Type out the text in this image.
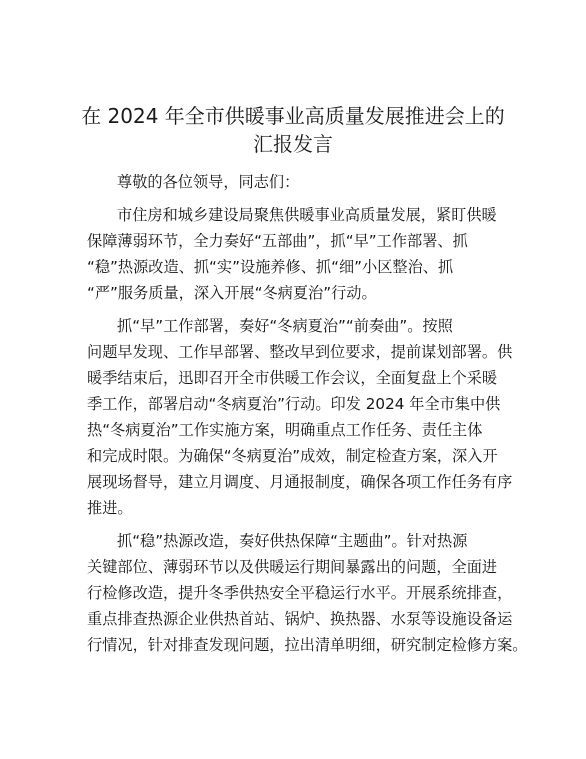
在 2024 年全市供暖事业高质量发展推进会上的
汇报发言
尊敬的各位领导，同志们：
市住房和城乡建设局聚焦供暖事业高质量发展，紧盯供暖
保障薄弱环节，全力奏好“五部曲”，抓“早”工作部署、抓
“稳”热源改造、抓“实”设施养修、抓“细”小区整治、抓
“严”服务质量，深入开展“冬病夏治”行动。
抓“早”工作部署，奏好“冬病夏治”“前奏曲”。按照
问题早发现、工作早部署、整改早到位要求，提前谋划部署。供
暖季结束后，迅即召开全市供暖工作会议，全面复盘上个采暖
季工作，部署启动“冬病夏治”行动。印发 2024 年全市集中供
热“冬病夏治”工作实施方案，明确重点工作任务、责任主体
和完成时限。为确保“冬病夏治”成效，制定检查方案，深入开
展现场督导，建立月调度、月通报制度，确保各项工作任务有序
推进。
抓“稳”热源改造，奏好供热保障“主题曲”。针对热源
关键部位、薄弱环节以及供暖运行期间暴露出的问题，全面进
行检修改造，提升冬季供热安全平稳运行水平。开展系统排查，
重点排查热源企业供热首站、锅炉、换热器、水泵等设施设备运
行情况，针对排查发现问题，拉出清单明细，研究制定检修方案。
